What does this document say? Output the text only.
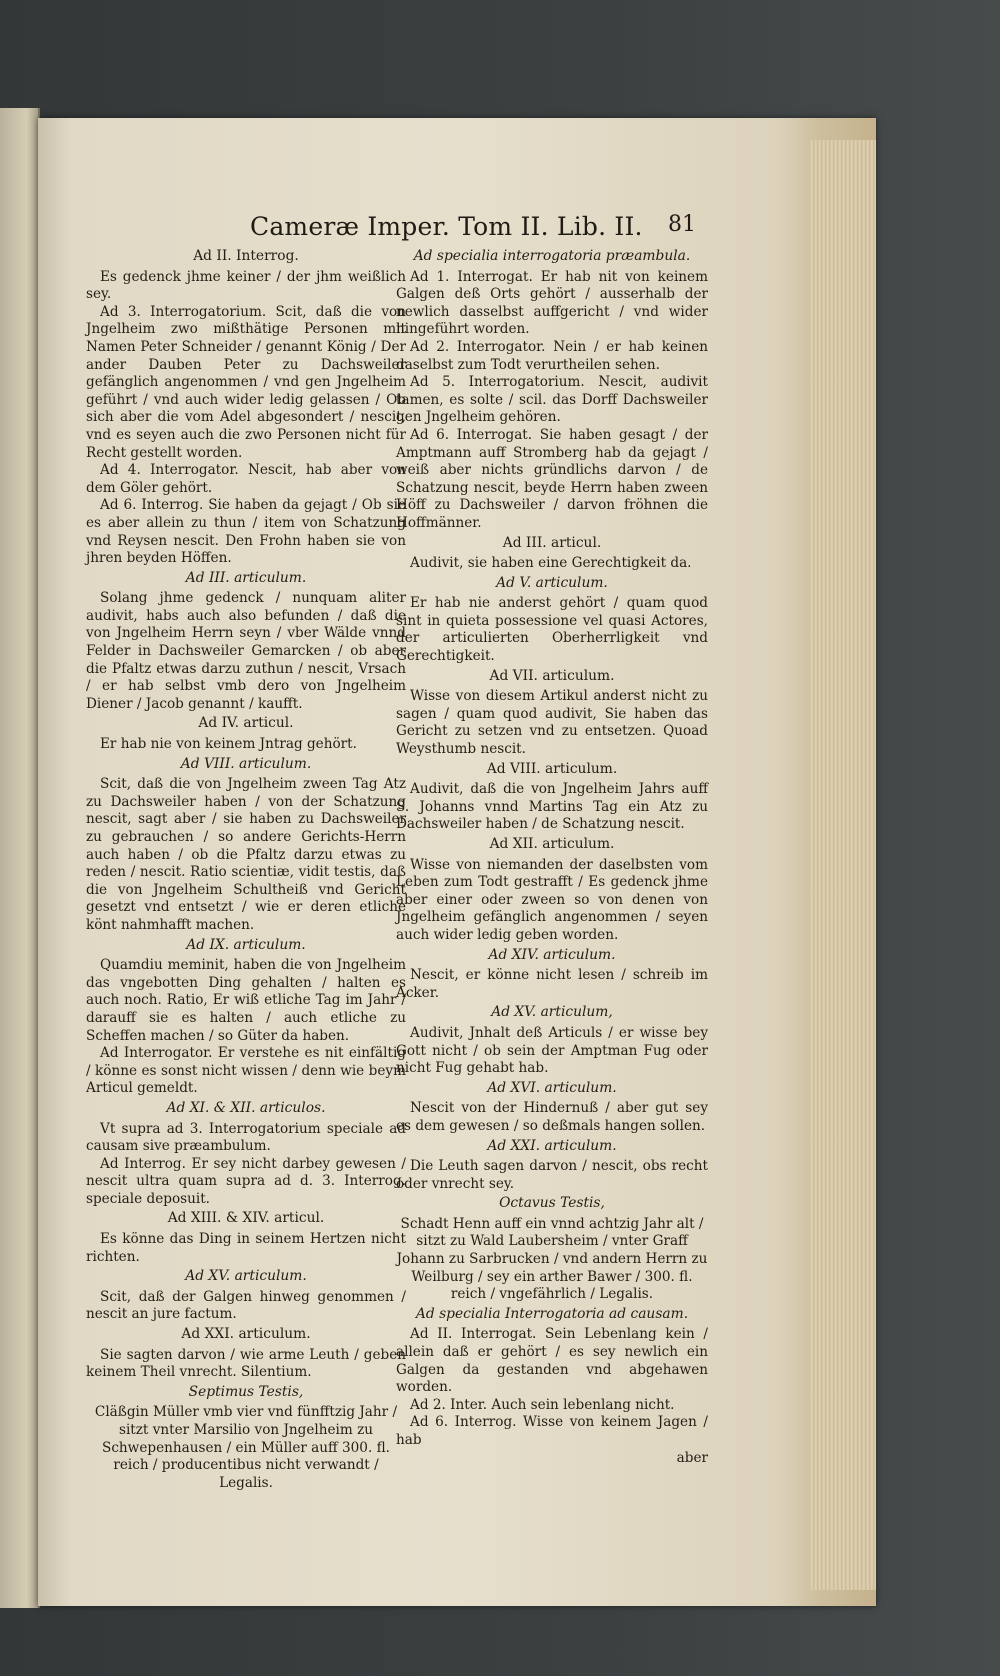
Cameræ Imper. Tom II. Lib. II. 81
Ad II. Interrog.
Es gedenck jhme keiner / der jhm weißlich sey.
Ad 3. Interrogatorium. Scit, daß die von Jngelheim zwo mißthätige Personen mit Namen Peter Schneider / genannt König / Der ander Dauben Peter zu Dachsweiler gefänglich angenommen / vnd gen Jngelheim geführt / vnd auch wider ledig gelassen / Ob sich aber die vom Adel abgesondert / nescit, vnd es seyen auch die zwo Personen nicht für Recht gestellt worden.
Ad 4. Interrogator. Nescit, hab aber von dem Göler gehört.
Ad 6. Interrog. Sie haben da gejagt / Ob sie es aber allein zu thun / item von Schatzung vnd Reysen nescit. Den Frohn haben sie von jhren beyden Höffen.
Ad III. articulum.
Solang jhme gedenck / nunquam aliter audivit, habs auch also befunden / daß die von Jngelheim Herrn seyn / vber Wälde vnnd Felder in Dachsweiler Gemarcken / ob aber die Pfaltz etwas darzu zuthun / nescit, Vrsach / er hab selbst vmb dero von Jngelheim Diener / Jacob genannt / kaufft.
Ad IV. articul.
Er hab nie von keinem Jntrag gehört.
Ad VIII. articulum.
Scit, daß die von Jngelheim zween Tag Atz zu Dachsweiler haben / von der Schatzung nescit, sagt aber / sie haben zu Dachsweiler zu gebrauchen / so andere Gerichts-Herrn auch haben / ob die Pfaltz darzu etwas zu reden / nescit. Ratio scientiæ, vidit testis, daß die von Jngelheim Schultheiß vnd Gericht gesetzt vnd entsetzt / wie er deren etliche könt nahmhafft machen.
Ad IX. articulum.
Quamdiu meminit, haben die von Jngelheim das vngebotten Ding gehalten / halten es auch noch. Ratio, Er wiß etliche Tag im Jahr / darauff sie es halten / auch etliche zu Scheffen machen / so Güter da haben.
Ad Interrogator. Er verstehe es nit einfältig / könne es sonst nicht wissen / denn wie beym Articul gemeldt.
Ad XI. & XII. articulos.
Vt supra ad 3. Interrogatorium speciale ad causam sive præambulum.
Ad Interrog. Er sey nicht darbey gewesen / nescit ultra quam supra ad d. 3. Interrog. speciale deposuit.
Ad XIII. & XIV. articul.
Es könne das Ding in seinem Hertzen nicht richten.
Ad XV. articulum.
Scit, daß der Galgen hinweg genommen / nescit an jure factum.
Ad XXI. articulum.
Sie sagten darvon / wie arme Leuth / geben keinem Theil vnrecht. Silentium.
Septimus Testis,
Cläßgin Müller vmb vier vnd fünfftzig Jahr / sitzt vnter Marsilio von Jngelheim zu Schwepenhausen / ein Müller auff 300. fl. reich / producentibus nicht verwandt / Legalis.
Ad specialia interrogatoria præambula.
Ad 1. Interrogat. Er hab nit von keinem Galgen deß Orts gehört / ausserhalb der newlich dasselbst auffgericht / vnd wider hingeführt worden.
Ad 2. Interrogator. Nein / er hab keinen daselbst zum Todt verurtheilen sehen.
Ad 5. Interrogatorium. Nescit, audivit tamen, es solte / scil. das Dorff Dachsweiler gen Jngelheim gehören.
Ad 6. Interrogat. Sie haben gesagt / der Amptmann auff Stromberg hab da gejagt / weiß aber nichts gründlichs darvon / de Schatzung nescit, beyde Herrn haben zween Höff zu Dachsweiler / darvon fröhnen die Hoffmänner.
Ad III. articul.
Audivit, sie haben eine Gerechtigkeit da.
Ad V. articulum.
Er hab nie anderst gehört / quam quod sint in quieta possessione vel quasi Actores, der articulierten Oberherrligkeit vnd Gerechtigkeit.
Ad VII. articulum.
Wisse von diesem Artikul anderst nicht zu sagen / quam quod audivit, Sie haben das Gericht zu setzen vnd zu entsetzen. Quoad Weysthumb nescit.
Ad VIII. articulum.
Audivit, daß die von Jngelheim Jahrs auff S. Johanns vnnd Martins Tag ein Atz zu Dachsweiler haben / de Schatzung nescit.
Ad XII. articulum.
Wisse von niemanden der daselbsten vom Leben zum Todt gestrafft / Es gedenck jhme aber einer oder zween so von denen von Jngelheim gefänglich angenommen / seyen auch wider ledig geben worden.
Ad XIV. articulum.
Nescit, er könne nicht lesen / schreib im Acker.
Ad XV. articulum,
Audivit, Jnhalt deß Articuls / er wisse bey Gott nicht / ob sein der Amptman Fug oder nicht Fug gehabt hab.
Ad XVI. articulum.
Nescit von der Hindernuß / aber gut sey es dem gewesen / so deßmals hangen sollen.
Ad XXI. articulum.
Die Leuth sagen darvon / nescit, obs recht oder vnrecht sey.
Octavus Testis,
Schadt Henn auff ein vnnd achtzig Jahr alt / sitzt zu Wald Laubersheim / vnter Graff Johann zu Sarbrucken / vnd andern Herrn zu Weilburg / sey ein arther Bawer / 300. fl. reich / vngefährlich / Legalis.
Ad specialia Interrogatoria ad causam.
Ad II. Interrogat. Sein Lebenlang kein / allein daß er gehört / es sey newlich ein Galgen da gestanden vnd abgehawen worden.
Ad 2. Inter. Auch sein lebenlang nicht.
Ad 6. Interrog. Wisse von keinem Jagen / hab
aber
